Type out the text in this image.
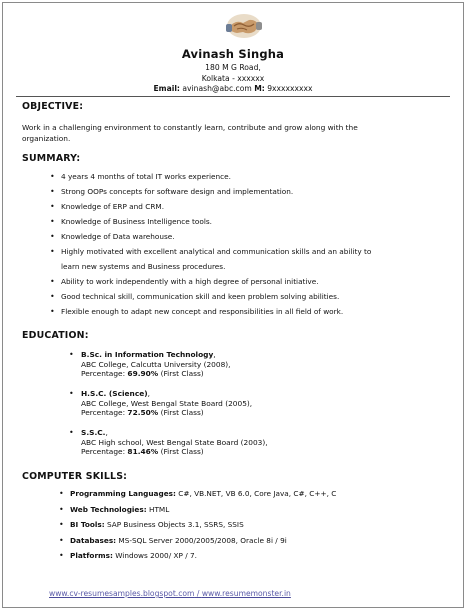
Avinash Singha
180 M G Road,
Kolkata - xxxxxx
Email: avinash@abc.com M: 9xxxxxxxxx
OBJECTIVE:
Work in a challenging environment to constantly learn, contribute and grow along with the
organization.
SUMMARY:
• 4 years 4 months of total IT works experience.
• Strong OOPs concepts for software design and implementation.
• Knowledge of ERP and CRM.
• Knowledge of Business Intelligence tools.
• Knowledge of Data warehouse.
• Highly motivated with excellent analytical and communication skills and an ability to
learn new systems and Business procedures.
• Ability to work independently with a high degree of personal initiative.
• Good technical skill, communication skill and keen problem solving abilities.
• Flexible enough to adapt new concept and responsibilities in all field of work.
EDUCATION:
• B.Sc. in Information Technology,
ABC College, Calcutta University (2008),
Percentage: 69.90% (First Class)
• H.S.C. (Science),
ABC College, West Bengal State Board (2005),
Percentage: 72.50% (First Class)
• S.S.C.,
ABC High school, West Bengal State Board (2003),
Percentage: 81.46% (First Class)
COMPUTER SKILLS:
• Programming Languages: C#, VB.NET, VB 6.0, Core Java, C#, C++, C
• Web Technologies: HTML
• BI Tools: SAP Business Objects 3.1, SSRS, SSIS
• Databases: MS-SQL Server 2000/2005/2008, Oracle 8i / 9i
• Platforms: Windows 2000/ XP / 7.
www.cv-resumesamples.blogspot.com / www.resumemonster.in
